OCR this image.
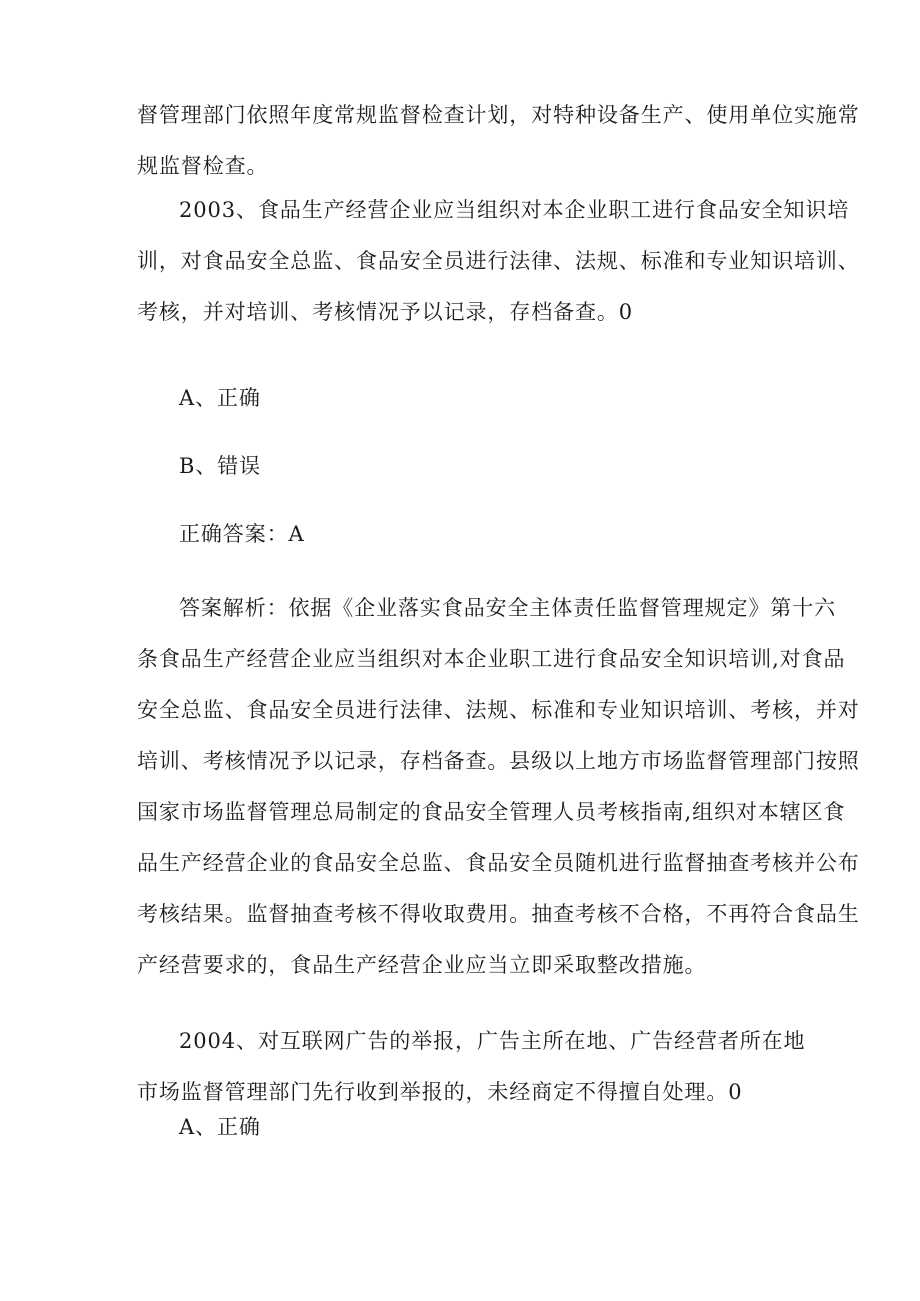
督管理部门依照年度常规监督检查计划，对特种设备生产、使用单位实施常
规监督检查。
2003、食品生产经营企业应当组织对本企业职工进行食品安全知识培
训，对食品安全总监、食品安全员进行法律、法规、标准和专业知识培训、
考核，并对培训、考核情况予以记录，存档备查。0

A、正确

B、错误

正确答案：A

答案解析：依据《企业落实食品安全主体责任监督管理规定》第十六
条食品生产经营企业应当组织对本企业职工进行食品安全知识培训,对食品
安全总监、食品安全员进行法律、法规、标准和专业知识培训、考核，并对
培训、考核情况予以记录，存档备查。县级以上地方市场监督管理部门按照
国家市场监督管理总局制定的食品安全管理人员考核指南,组织对本辖区食
品生产经营企业的食品安全总监、食品安全员随机进行监督抽查考核并公布
考核结果。监督抽查考核不得收取费用。抽查考核不合格，不再符合食品生
产经营要求的，食品生产经营企业应当立即采取整改措施。
2004、对互联网广告的举报，广告主所在地、广告经营者所在地
市场监督管理部门先行收到举报的，未经商定不得擅自处理。0

A、正确
